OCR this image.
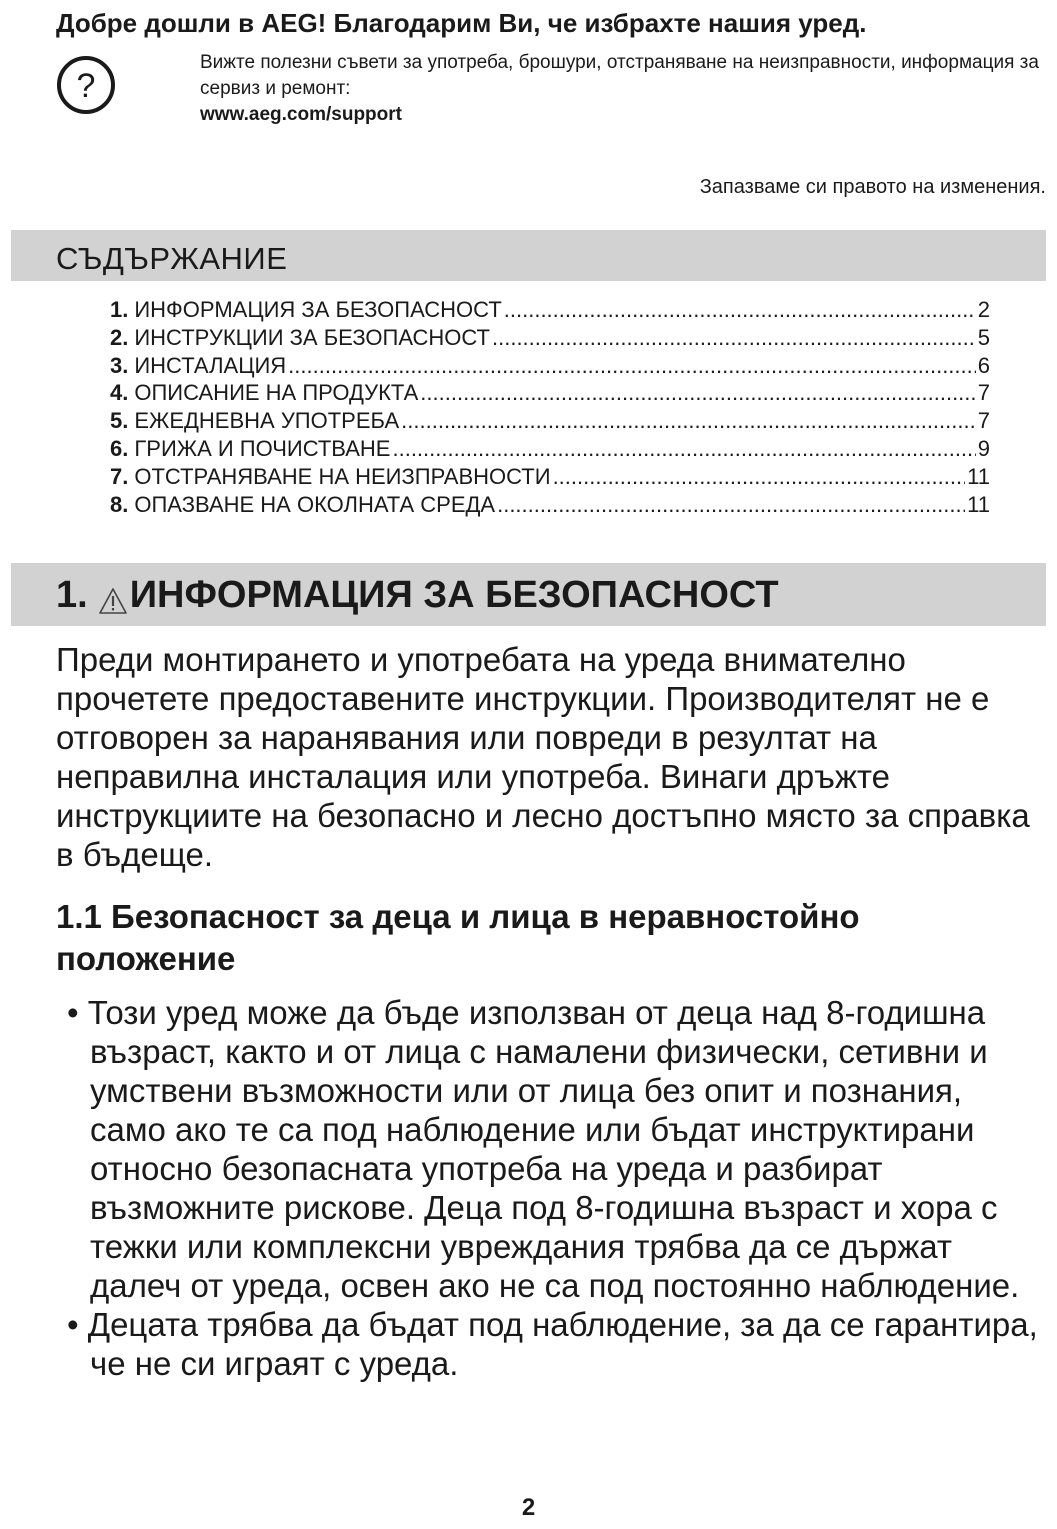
Добре дошли в AEG! Благодарим Ви, че избрахте нашия уред.
?
Вижте полезни съвети за употреба, брошури, отстраняване на неизправности, информация за сервиз и ремонт:
www.aeg.com/support
Запазваме си правото на изменения.
СЪДЪРЖАНИЕ
1. ИНФОРМАЦИЯ ЗА БЕЗОПАСНОСТ .....	2
2. ИНСТРУКЦИИ ЗА БЕЗОПАСНОСТ .....	5
3. ИНСТАЛАЦИЯ .....	6
4. ОПИСАНИЕ НА ПРОДУКТА .....	7
5. ЕЖЕДНЕВНА УПОТРЕБА .....	7
6. ГРИЖА И ПОЧИСТВАНЕ .....	9
7. ОТСТРАНЯВАНЕ НА НЕИЗПРАВНОСТИ .....	11
8. ОПАЗВАНЕ НА ОКОЛНАТА СРЕДА .....	11
1. ИНФОРМАЦИЯ ЗА БЕЗОПАСНОСТ

Преди монтирането и употребата на уреда внимателно прочетете предоставените инструкции. Производителят не е отговорен за наранявания или повреди в резултат на неправилна инсталация или употреба. Винаги дръжте инструкциите на безопасно и лесно достъпно място за справка в бъдеще.

1.1 Безопасност за деца и лица в неравностойно положение
• Този уред може да бъде използван от деца над 8-годишна възраст, както и от лица с намалени физически, сетивни и умствени възможности или от лица без опит и познания, само ако те са под наблюдение или бъдат инструктирани относно безопасната употреба на уреда и разбират възможните рискове. Деца под 8-годишна възраст и хора с тежки или комплексни увреждания трябва да се държат далеч от уреда, освен ако не са под постоянно наблюдение.
• Децата трябва да бъдат под наблюдение, за да се гарантира, че не си играят с уреда.
2
